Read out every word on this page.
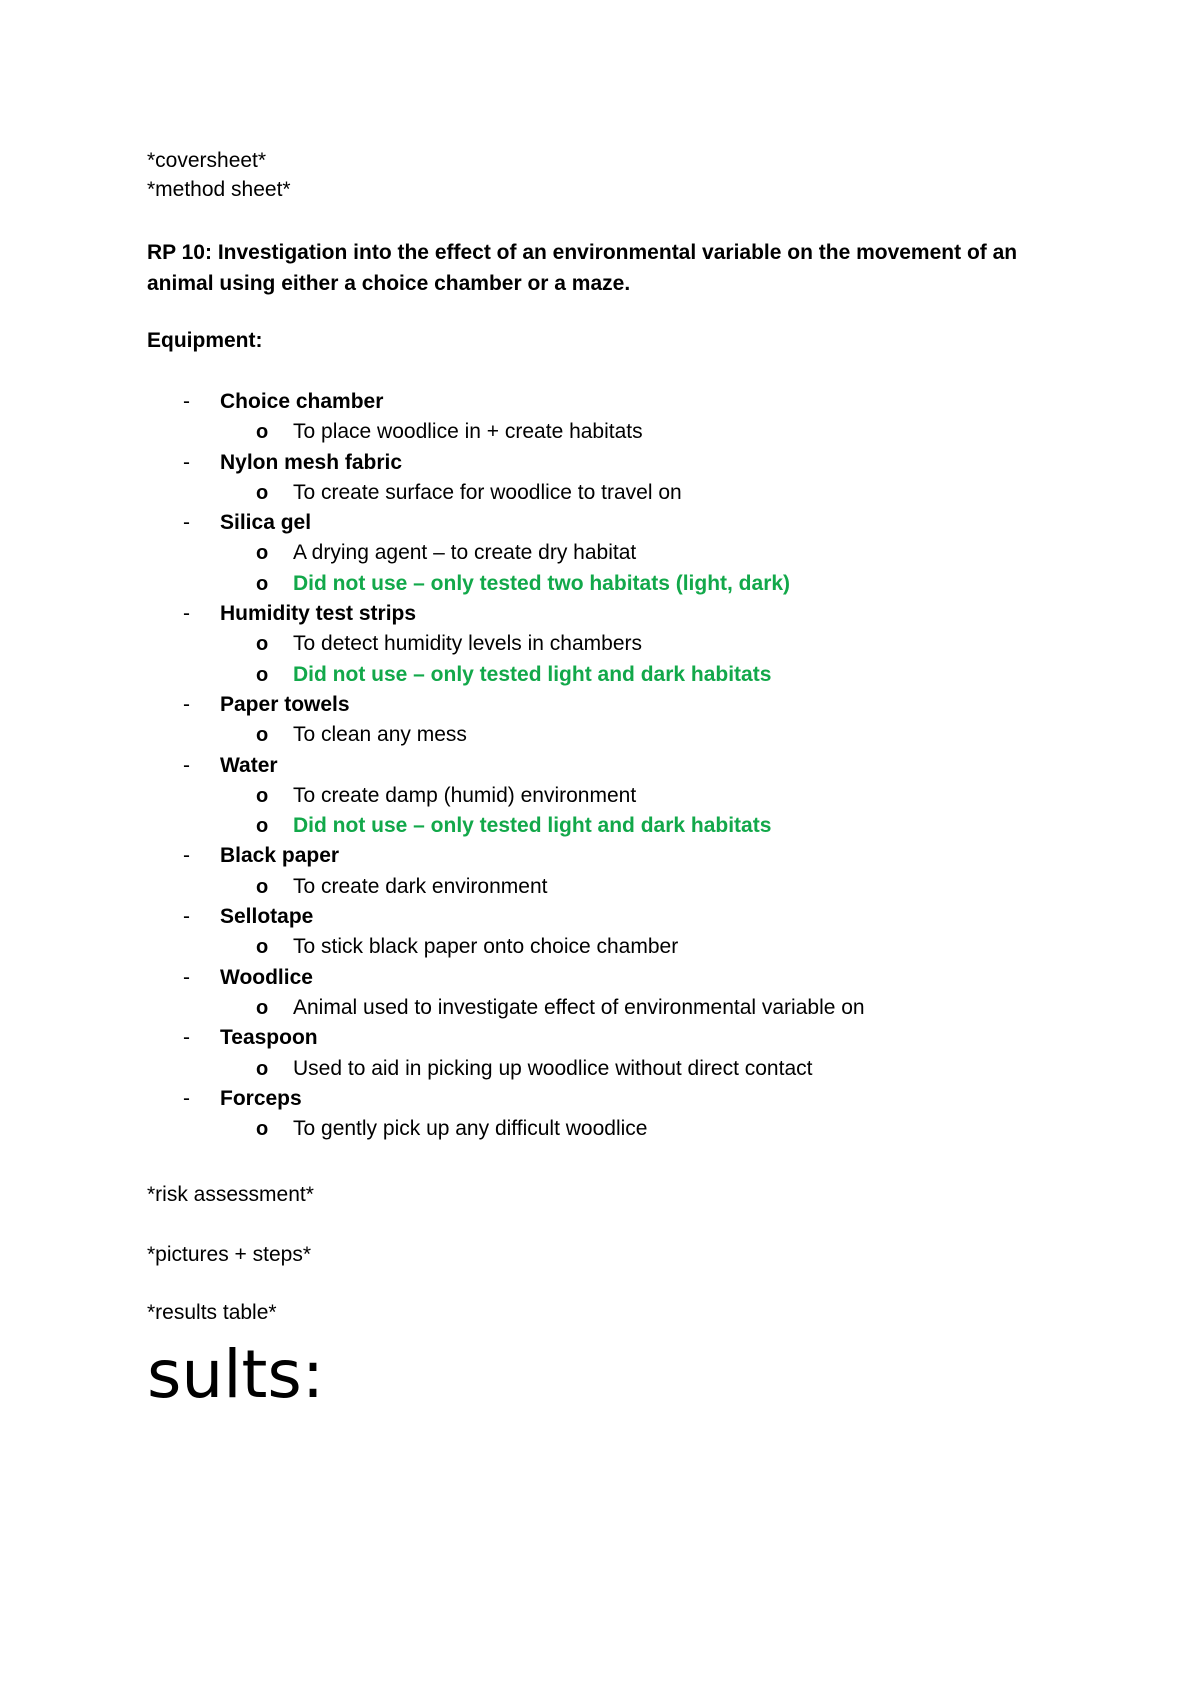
*coversheet*
*method sheet*
RP 10: Investigation into the effect of an environmental variable on the movement of an animal using either a choice chamber or a maze.
Equipment:
- Choice chamber
o To place woodlice in + create habitats
- Nylon mesh fabric
o To create surface for woodlice to travel on
- Silica gel
o A drying agent – to create dry habitat
o Did not use – only tested two habitats (light, dark)
- Humidity test strips
o To detect humidity levels in chambers
o Did not use – only tested light and dark habitats
- Paper towels
o To clean any mess
- Water
o To create damp (humid) environment
o Did not use – only tested light and dark habitats
- Black paper
o To create dark environment
- Sellotape
o To stick black paper onto choice chamber
- Woodlice
o Animal used to investigate effect of environmental variable on
- Teaspoon
o Used to aid in picking up woodlice without direct contact
- Forceps
o To gently pick up any difficult woodlice
*risk assessment*
*pictures + steps*
*results table*
sults:
